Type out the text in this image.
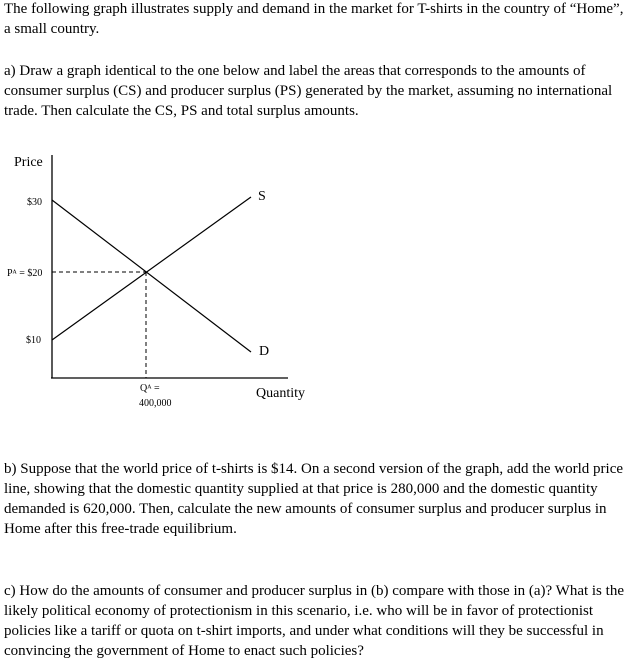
The following graph illustrates supply and demand in the market for T-shirts in the country of “Home”, a small country.

a) Draw a graph identical to the one below and label the areas that corresponds to the amounts of consumer surplus (CS) and producer surplus (PS) generated by the market, assuming no international trade. Then calculate the CS, PS and total surplus amounts.

Price
Quantity
$30
Pᴬ = $20
$10
Qᴬ =
400,000
S
D

b) Suppose that the world price of t-shirts is $14. On a second version of the graph, add the world price line, showing that the domestic quantity supplied at that price is 280,000 and the domestic quantity demanded is 620,000. Then, calculate the new amounts of consumer surplus and producer surplus in Home after this free-trade equilibrium.

c) How do the amounts of consumer and producer surplus in (b) compare with those in (a)? What is the likely political economy of protectionism in this scenario, i.e. who will be in favor of protectionist policies like a tariff or quota on t-shirt imports, and under what conditions will they be successful in convincing the government of Home to enact such policies?
